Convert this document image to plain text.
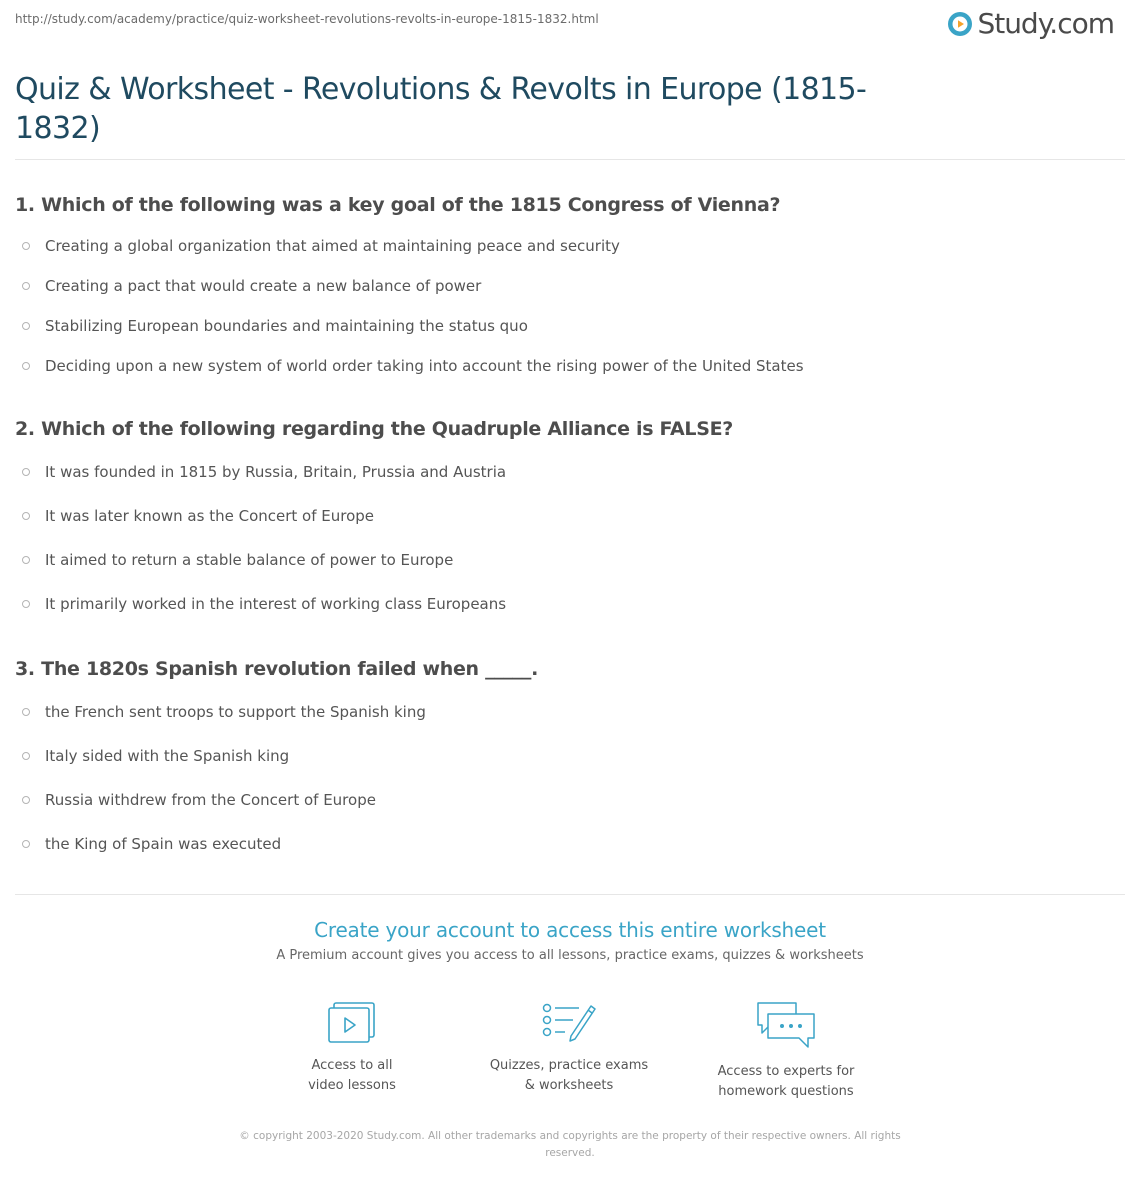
http://study.com/academy/practice/quiz-worksheet-revolutions-revolts-in-europe-1815-1832.html	Study.com
Quiz & Worksheet - Revolutions & Revolts in Europe (1815-1832)
1. Which of the following was a key goal of the 1815 Congress of Vienna?
Creating a global organization that aimed at maintaining peace and security
Creating a pact that would create a new balance of power
Stabilizing European boundaries and maintaining the status quo
Deciding upon a new system of world order taking into account the rising power of the United States
2. Which of the following regarding the Quadruple Alliance is FALSE?
It was founded in 1815 by Russia, Britain, Prussia and Austria
It was later known as the Concert of Europe
It aimed to return a stable balance of power to Europe
It primarily worked in the interest of working class Europeans
3. The 1820s Spanish revolution failed when _____.
the French sent troops to support the Spanish king
Italy sided with the Spanish king
Russia withdrew from the Concert of Europe
the King of Spain was executed
Create your account to access this entire worksheet
A Premium account gives you access to all lessons, practice exams, quizzes & worksheets
Access to all
video lessons
Quizzes, practice exams
& worksheets
Access to experts for
homework questions
© copyright 2003-2020 Study.com. All other trademarks and copyrights are the property of their respective owners. All rights reserved.
